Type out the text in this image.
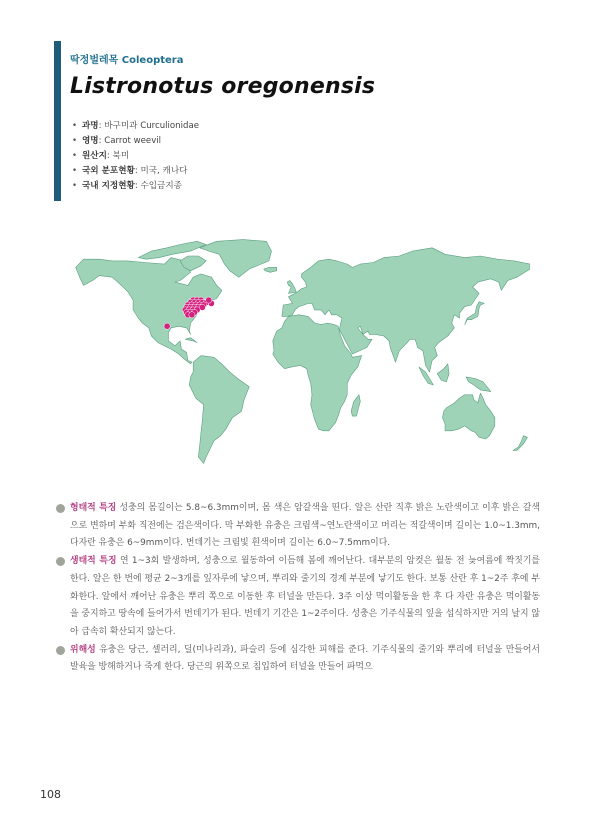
딱정벌레목 Coleoptera
Listronotus oregonensis
• 과명: 바구미과 Curculionidae
• 영명: Carrot weevil
• 원산지: 북미
• 국외 분포현황: 미국, 캐나다
• 국내 지정현황: 수입금지종

형태적 특징 성충의 몸길이는 5.8~6.3mm이며, 몸 색은 암갈색을 띤다. 알은 산란 직후 밝은 노란색이고 이후 밝은 갈색으로 변하며 부화 직전에는 검은색이다. 막 부화한 유충은 크림색~연노란색이고 머리는 적갈색이며 길이는 1.0~1.3mm, 다자란 유충은 6~9mm이다. 번데기는 크림빛 흰색이며 길이는 6.0~7.5mm이다.

생태적 특징 연 1~3회 발생하며, 성충으로 월동하여 이듬해 봄에 깨어난다. 대부분의 암컷은 월동 전 늦여름에 짝짓기를 한다. 알은 한 번에 평균 2~3개를 잎자루에 낳으며, 뿌리와 줄기의 경계 부분에 낳기도 한다. 보통 산란 후 1~2주 후에 부화한다. 알에서 깨어난 유충은 뿌리 쪽으로 이동한 후 터널을 만든다. 3주 이상 먹이활동을 한 후 다 자란 유충은 먹이활동을 중지하고 땅속에 들어가서 번데기가 된다. 번데기 기간은 1~2주이다. 성충은 기주식물의 잎을 섭식하지만 거의 날지 않아 급속히 확산되지 않는다.

위해성 유충은 당근, 셀러리, 딜(미나리과), 파슬리 등에 심각한 피해를 준다. 기주식물의 줄기와 뿌리에 터널을 만들어서 발육을 방해하거나 죽게 한다. 당근의 위쪽으로 침입하여 터널을 만들어 파먹으

108
